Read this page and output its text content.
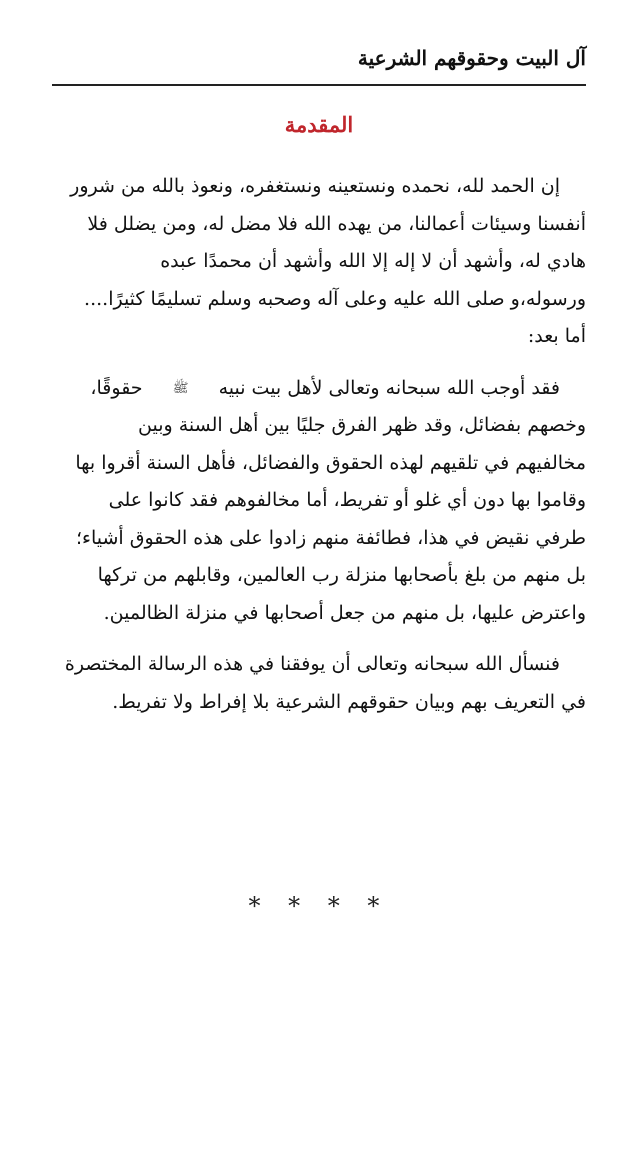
آل البيت وحقوقهم الشرعية
المقدمة
إن الحمد لله، نحمده ونستعينه ونستغفره، ونعوذ بالله من شرور
أنفسنا وسيئات أعمالنا، من يهده الله فلا مضل له، ومن يضلل فلا
هادي له، وأشهد أن لا إله إلا الله وأشهد أن محمدًا عبده
ورسوله،و صلى الله عليه وعلى آله وصحبه وسلم تسليمًا كثيرًا....
أما بعد:
فقد أوجب الله سبحانه وتعالى لأهل بيت نبيهﷺحقوقًا،
وخصهم بفضائل، وقد ظهر الفرق جليًا بين أهل السنة وبين
مخالفيهم في تلقيهم لهذه الحقوق والفضائل، فأهل السنة أقروا بها
وقاموا بها دون أي غلو أو تفريط، أما مخالفوهم فقد كانوا على
طرفي نقيض في هذا، فطائفة منهم زادوا على هذه الحقوق أشياء؛
بل منهم من بلغ بأصحابها منزلة رب العالمين، وقابلهم من تركها
واعترض عليها، بل منهم من جعل أصحابها في منزلة الظالمين.
فنسأل الله سبحانه وتعالى أن يوفقنا في هذه الرسالة المختصرة
في التعريف بهم وبيان حقوقهم الشرعية بلا إفراط ولا تفريط.
* * * *
